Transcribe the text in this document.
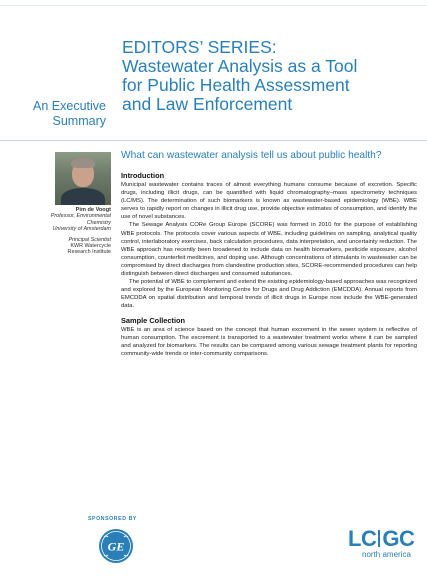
EDITORS’ SERIES:
Wastewater Analysis as a Tool
for Public Health Assessment
and Law Enforcement
An Executive
Summary
Pim de Voogt
Professor, Environmental
Chemistry
University of Amsterdam
Principal Scientist
KWR Watercycle
Research Institute
What can wastewater analysis tell us about public health?
Introduction

Municipal wastewater contains traces of almost everything humans consume because of excretion. Specific drugs, including illicit drugs, can be quantified with liquid chromatography–mass spectrometry techniques (LC/MS). The determination of such biomarkers is known as wastewater-based epidemiology (WBE). WBE serves to rapidly report on changes in illicit drug use, provide objective estimates of consumption, and identify the use of novel substances.

The Sewage Analysis CORe Group Europe (SCORE) was formed in 2010 for the purpose of establishing WBE protocols. The protocols cover various aspects of WBE, including guidelines on sampling, analytical quality control, interlaboratory exercises, back calculation procedures, data interpretation, and uncertainty reduction. The WBE approach has recently been broadened to include data on health biomarkers, pesticide exposure, alcohol consumption, counterfeit medicines, and doping use. Although concentrations of stimulants in wastewater can be compromised by direct discharges from clandestine production sites, SCORE-recommended procedures can help distinguish between direct discharges and consumed substances.

The potential of WBE to complement and extend the existing epidemiology-based approaches was recognized and explored by the European Monitoring Centre for Drugs and Drug Addiction (EMCDDA). Annual reports from EMCDDA on spatial distribution and temporal trends of illicit drugs in Europe now include the WBE-generated data.

Sample Collection

WBE is an area of science based on the concept that human excrement in the sewer system is reflective of human consumption. The excrement is transported to a wastewater treatment works where it can be sampled and analyzed for biomarkers. The results can be compared among various sewage treatment plants for reporting community-wide trends or inter-community comparisons.

SPONSORED BY
GE	LC GC
north america
